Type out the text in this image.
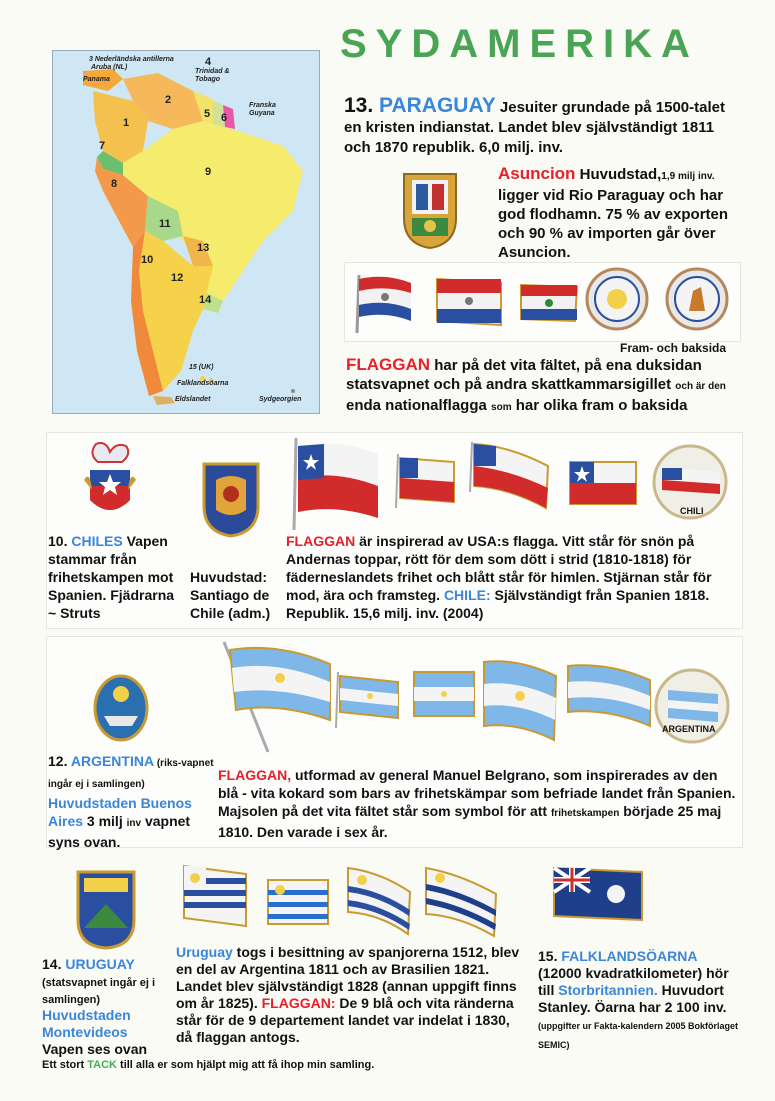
SYDAMERIKA
3 Nederländska antillerna
Aruba (NL)
Panama
4
Trinidad &
Tobago
Franska
Guyana
1
2
5 6
7
8
9
10
11
12
13
14
15 (UK)
Falklandsöarna
Eldslandet	Sydgeorgien
13. PARAGUAY Jesuiter grundade på 1500-talet en kristen indianstat. Landet blev självständigt 1811 och 1870 republik. 6,0 milj. inv.
Asuncion Huvudstad,1,9 milj inv. ligger vid Rio Paraguay och har god flodhamn. 75 % av exporten och 90 % av importen går över Asuncion.
Fram- och baksida
FLAGGAN har på det vita fältet, på ena duksidan statsvapnet och på andra skattkammarsigillet och är den enda nationalflagga som har olika fram o baksida
CHILI
10. CHILES Vapen stammar från frihetskampen mot Spanien. Fjädrarna ~ Struts
Huvudstad: Santiago de Chile (adm.)
FLAGGAN är inspirerad av USA:s flagga. Vitt står för snön på Andernas toppar, rött för dem som dött i strid (1810-1818) för fäderneslandets frihet och blått står för himlen. Stjärnan står för mod, ära och framsteg. CHILE: Självständigt från Spanien 1818. Republik. 15,6 milj. inv. (2004)
ARGENTINA
12. ARGENTINA (riks-vapnet ingår ej i samlingen)
Huvudstaden Buenos Aires 3 milj inv vapnet syns ovan.
FLAGGAN, utformad av general Manuel Belgrano, som inspirerades av den blå - vita kokard som bars av frihetskämpar som befriade landet från Spanien. Majsolen på det vita fältet står som symbol för att frihetskampen började 25 maj 1810. Den varade i sex år.
14. URUGUAY
(statsvapnet ingår ej i samlingen)
Huvudstaden Montevideos
Vapen ses ovan
Uruguay togs i besittning av spanjorerna 1512, blev en del av Argentina 1811 och av Brasilien 1821. Landet blev självständigt 1828 (annan uppgift finns om år 1825). FLAGGAN: De 9 blå och vita ränderna står för de 9 departement landet var indelat i 1830, då flaggan antogs.
15. FALKLANDSÖARNA
(12000 kvadratkilometer) hör till Storbritannien. Huvudort Stanley. Öarna har 2 100 inv. (uppgifter ur Fakta-kalendern 2005 Bokförlaget SEMIC)
Ett stort TACK till alla er som hjälpt mig att få ihop min samling.
